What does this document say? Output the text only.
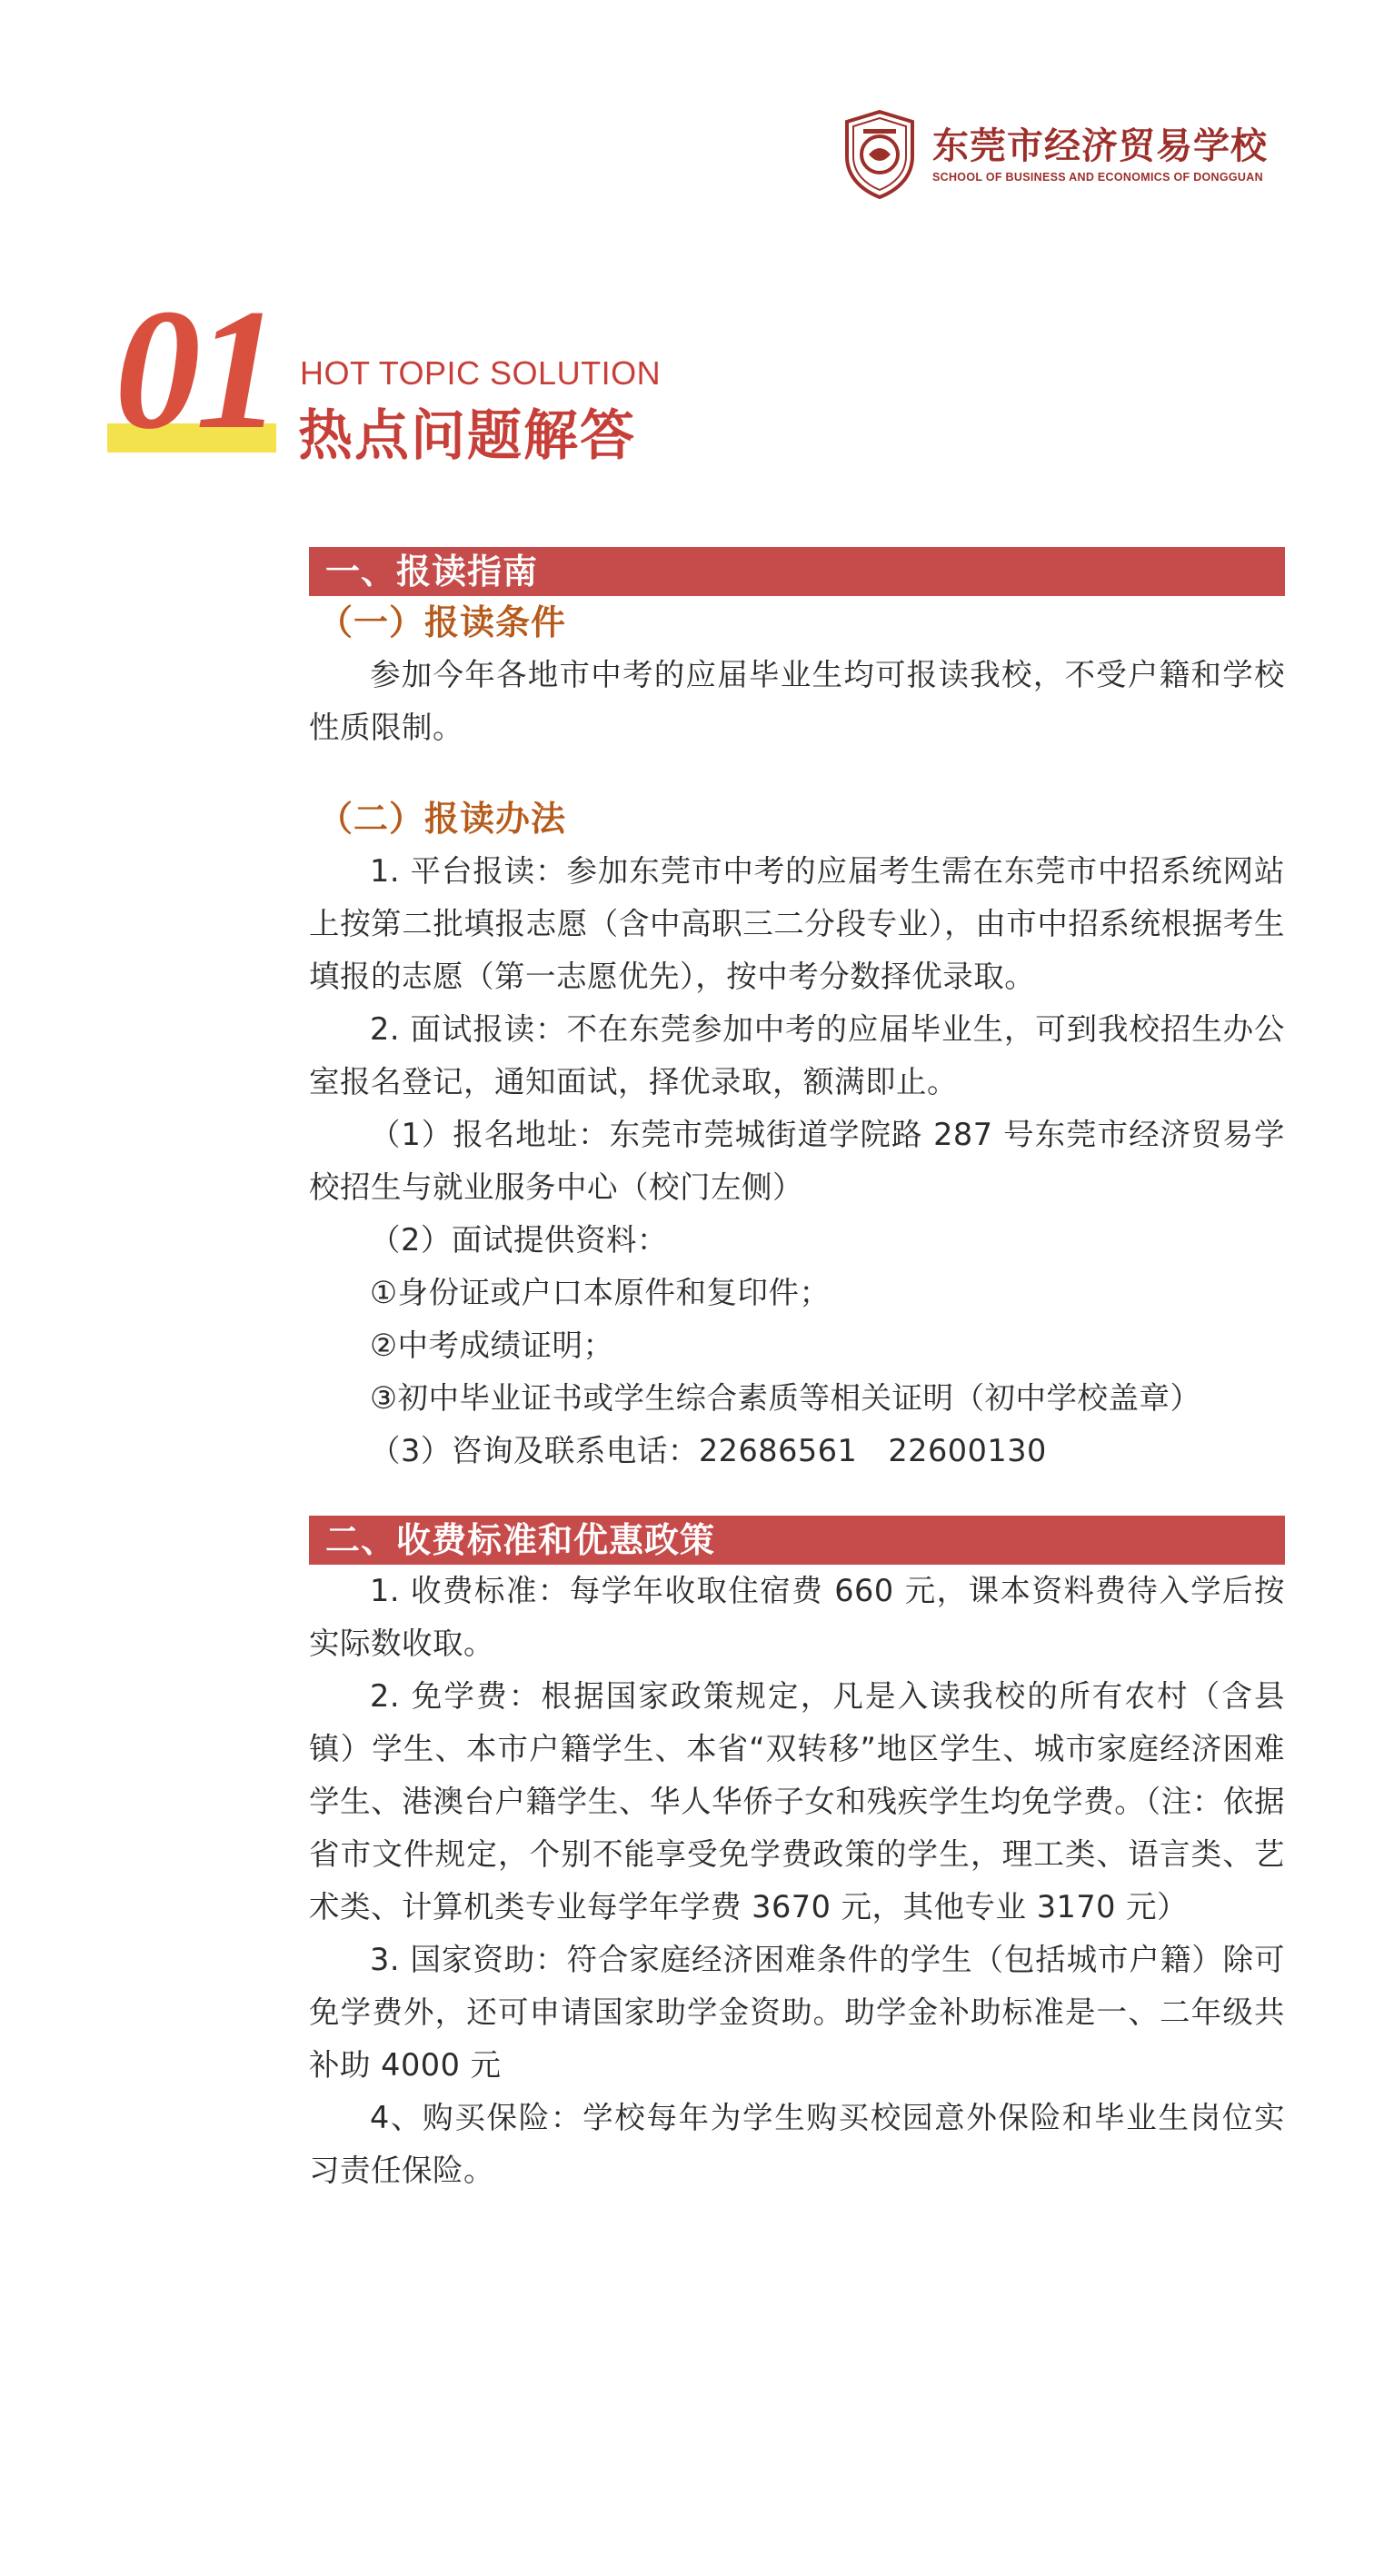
东莞市经济贸易学校
SCHOOL OF BUSINESS AND ECONOMICS OF DONGGUAN
01 HOT TOPIC SOLUTION
热点问题解答
一、报读指南
（一）报读条件

参加今年各地市中考的应届毕业生均可报读我校，不受户籍和学校性质限制。

（二）报读办法

1. 平台报读：参加东莞市中考的应届考生需在东莞市中招系统网站上按第二批填报志愿（含中高职三二分段专业），由市中招系统根据考生填报的志愿（第一志愿优先），按中考分数择优录取。

2. 面试报读：不在东莞参加中考的应届毕业生，可到我校招生办公室报名登记，通知面试，择优录取，额满即止。

（1）报名地址：东莞市莞城街道学院路 287 号东莞市经济贸易学校招生与就业服务中心（校门左侧）

（2）面试提供资料：

①身份证或户口本原件和复印件；

②中考成绩证明；

③初中毕业证书或学生综合素质等相关证明（初中学校盖章）

（3）咨询及联系电话：22686561　22600130

二、收费标准和优惠政策

1. 收费标准：每学年收取住宿费 660 元，课本资料费待入学后按实际数收取。

2. 免学费：根据国家政策规定，凡是入读我校的所有农村（含县镇）学生、本市户籍学生、本省“双转移”地区学生、城市家庭经济困难学生、港澳台户籍学生、华人华侨子女和残疾学生均免学费。（注：依据省市文件规定，个别不能享受免学费政策的学生，理工类、语言类、艺术类、计算机类专业每学年学费 3670 元，其他专业 3170 元）

3. 国家资助：符合家庭经济困难条件的学生（包括城市户籍）除可免学费外，还可申请国家助学金资助。助学金补助标准是一、二年级共补助 4000 元

4、购买保险：学校每年为学生购买校园意外保险和毕业生岗位实习责任保险。
